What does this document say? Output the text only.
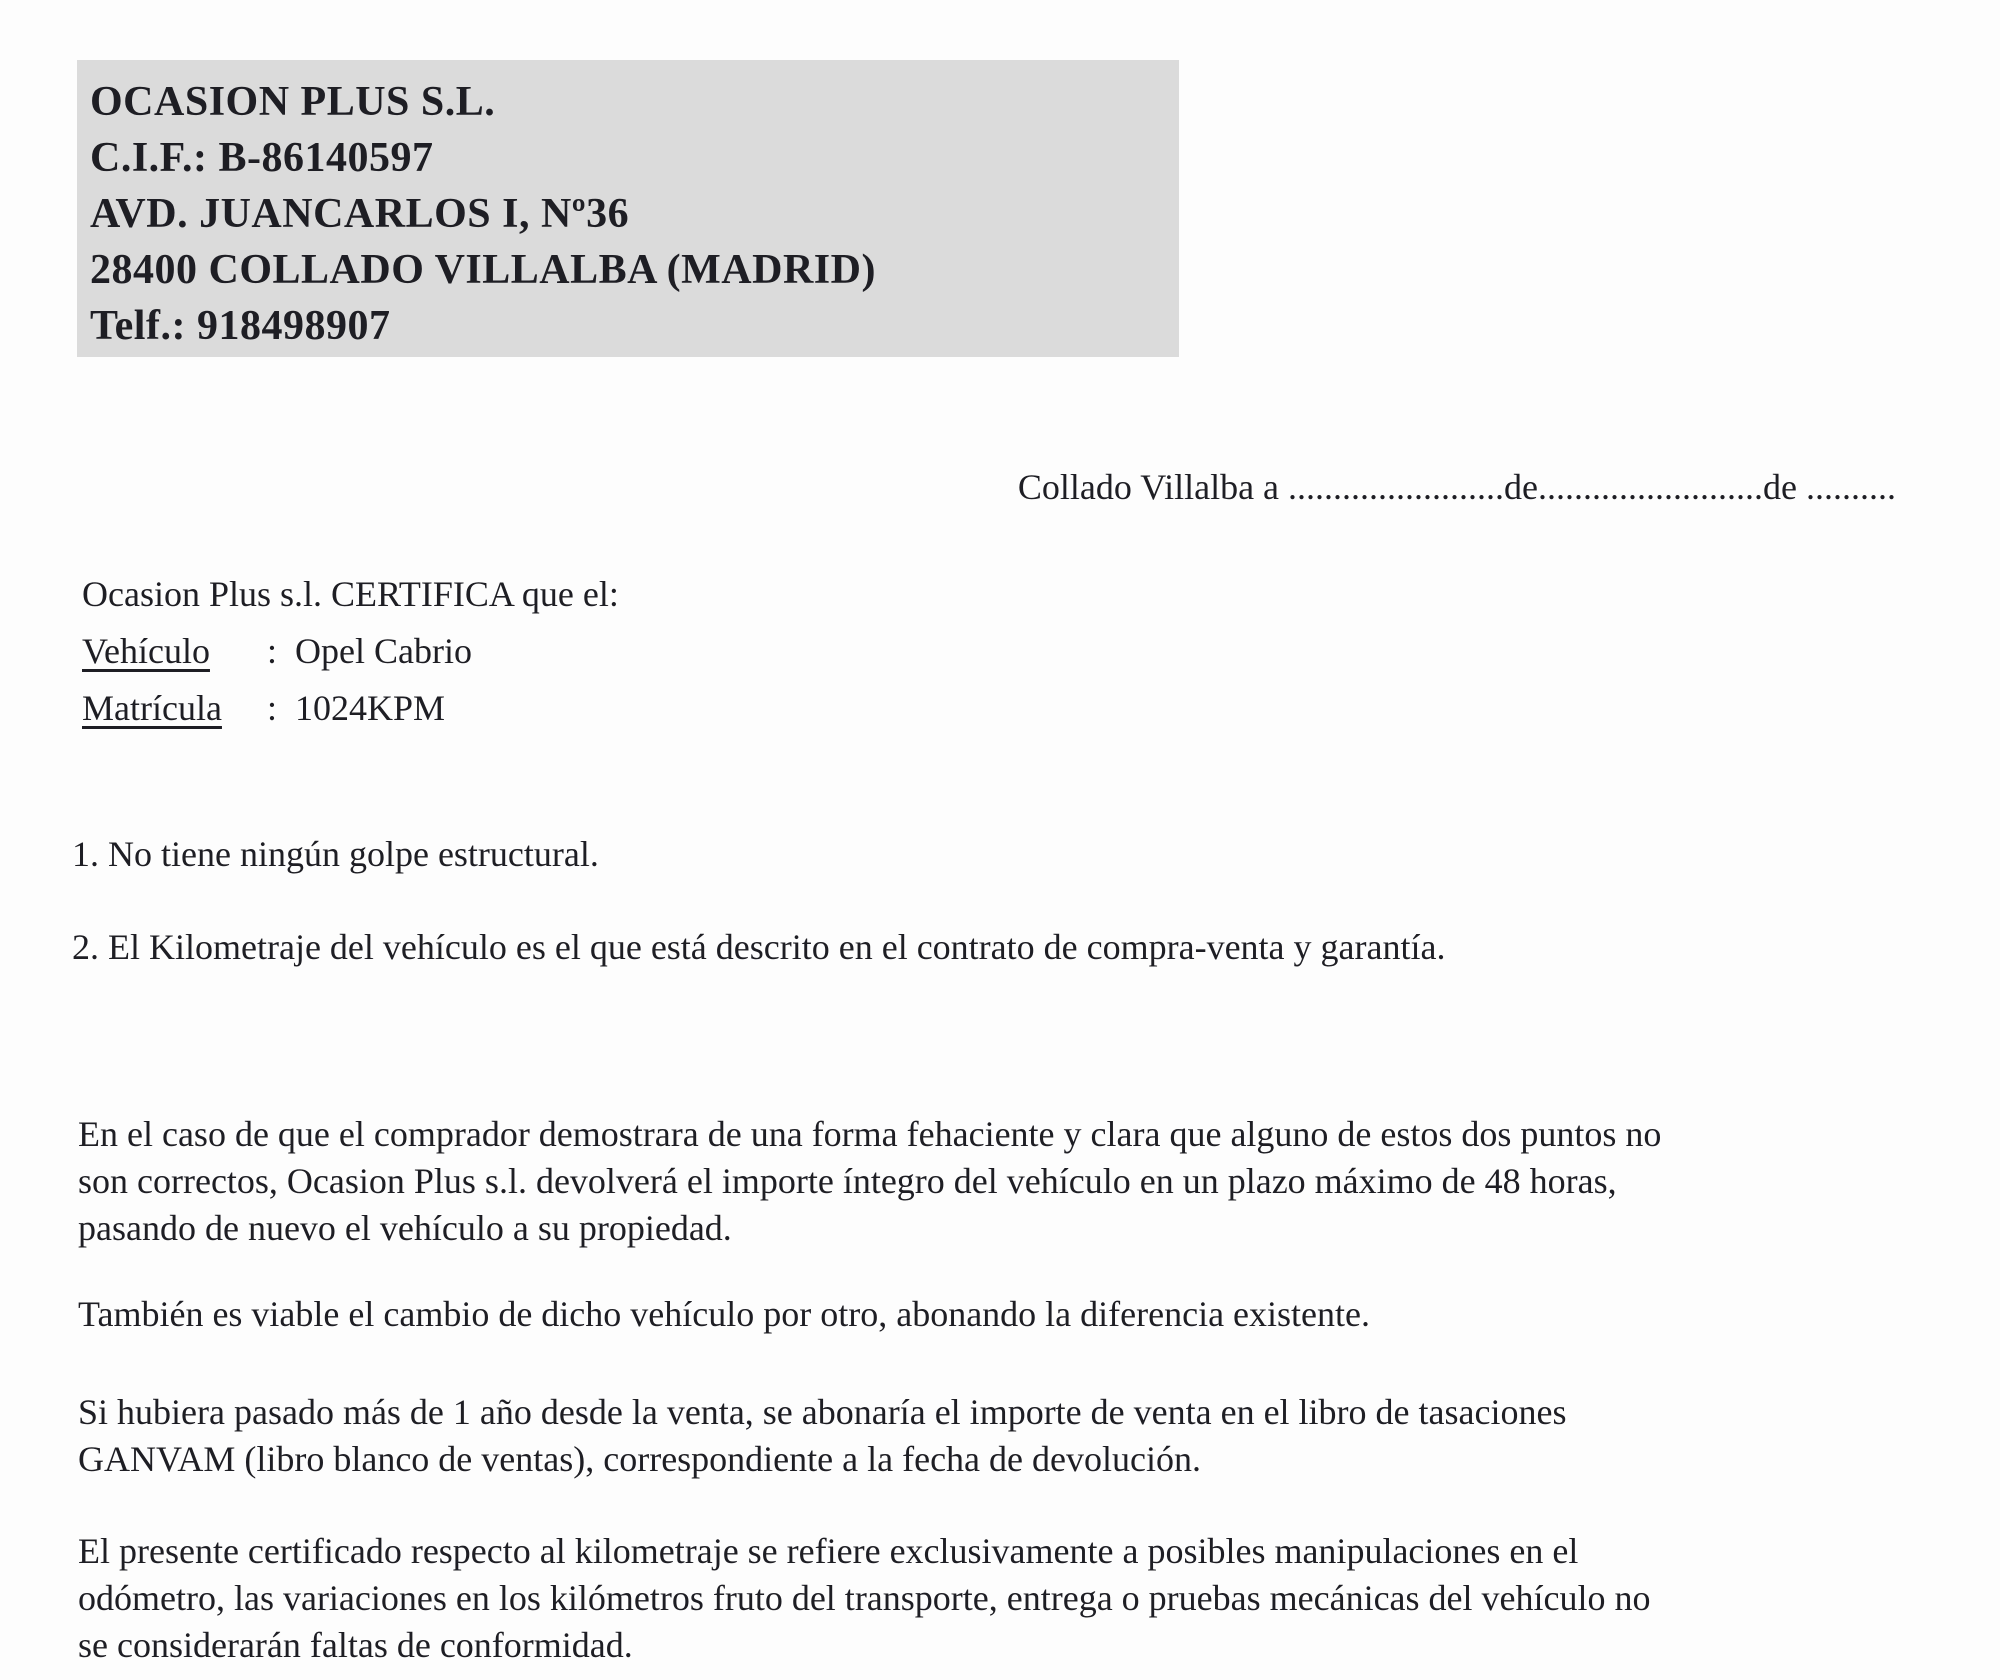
OCASION PLUS S.L.
C.I.F.: B-86140597
AVD. JUANCARLOS I, Nº36
28400 COLLADO VILLALBA (MADRID)
Telf.: 918498907
Collado Villalba a ........................de.........................de ..........
Ocasion Plus s.l. CERTIFICA que el:
Vehículo : Opel Cabrio
Matrícula : 1024KPM
1. No tiene ningún golpe estructural.
2. El Kilometraje del vehículo es el que está descrito en el contrato de compra-venta y garantía.
En el caso de que el comprador demostrara de una forma fehaciente y clara que alguno de estos dos puntos no
son correctos, Ocasion Plus s.l. devolverá el importe íntegro del vehículo en un plazo máximo de 48 horas,
pasando de nuevo el vehículo a su propiedad.
También es viable el cambio de dicho vehículo por otro, abonando la diferencia existente.
Si hubiera pasado más de 1 año desde la venta, se abonaría el importe de venta en el libro de tasaciones
GANVAM (libro blanco de ventas), correspondiente a la fecha de devolución.
El presente certificado respecto al kilometraje se refiere exclusivamente a posibles manipulaciones en el
odómetro, las variaciones en los kilómetros fruto del transporte, entrega o pruebas mecánicas del vehículo no
se considerarán faltas de conformidad.
